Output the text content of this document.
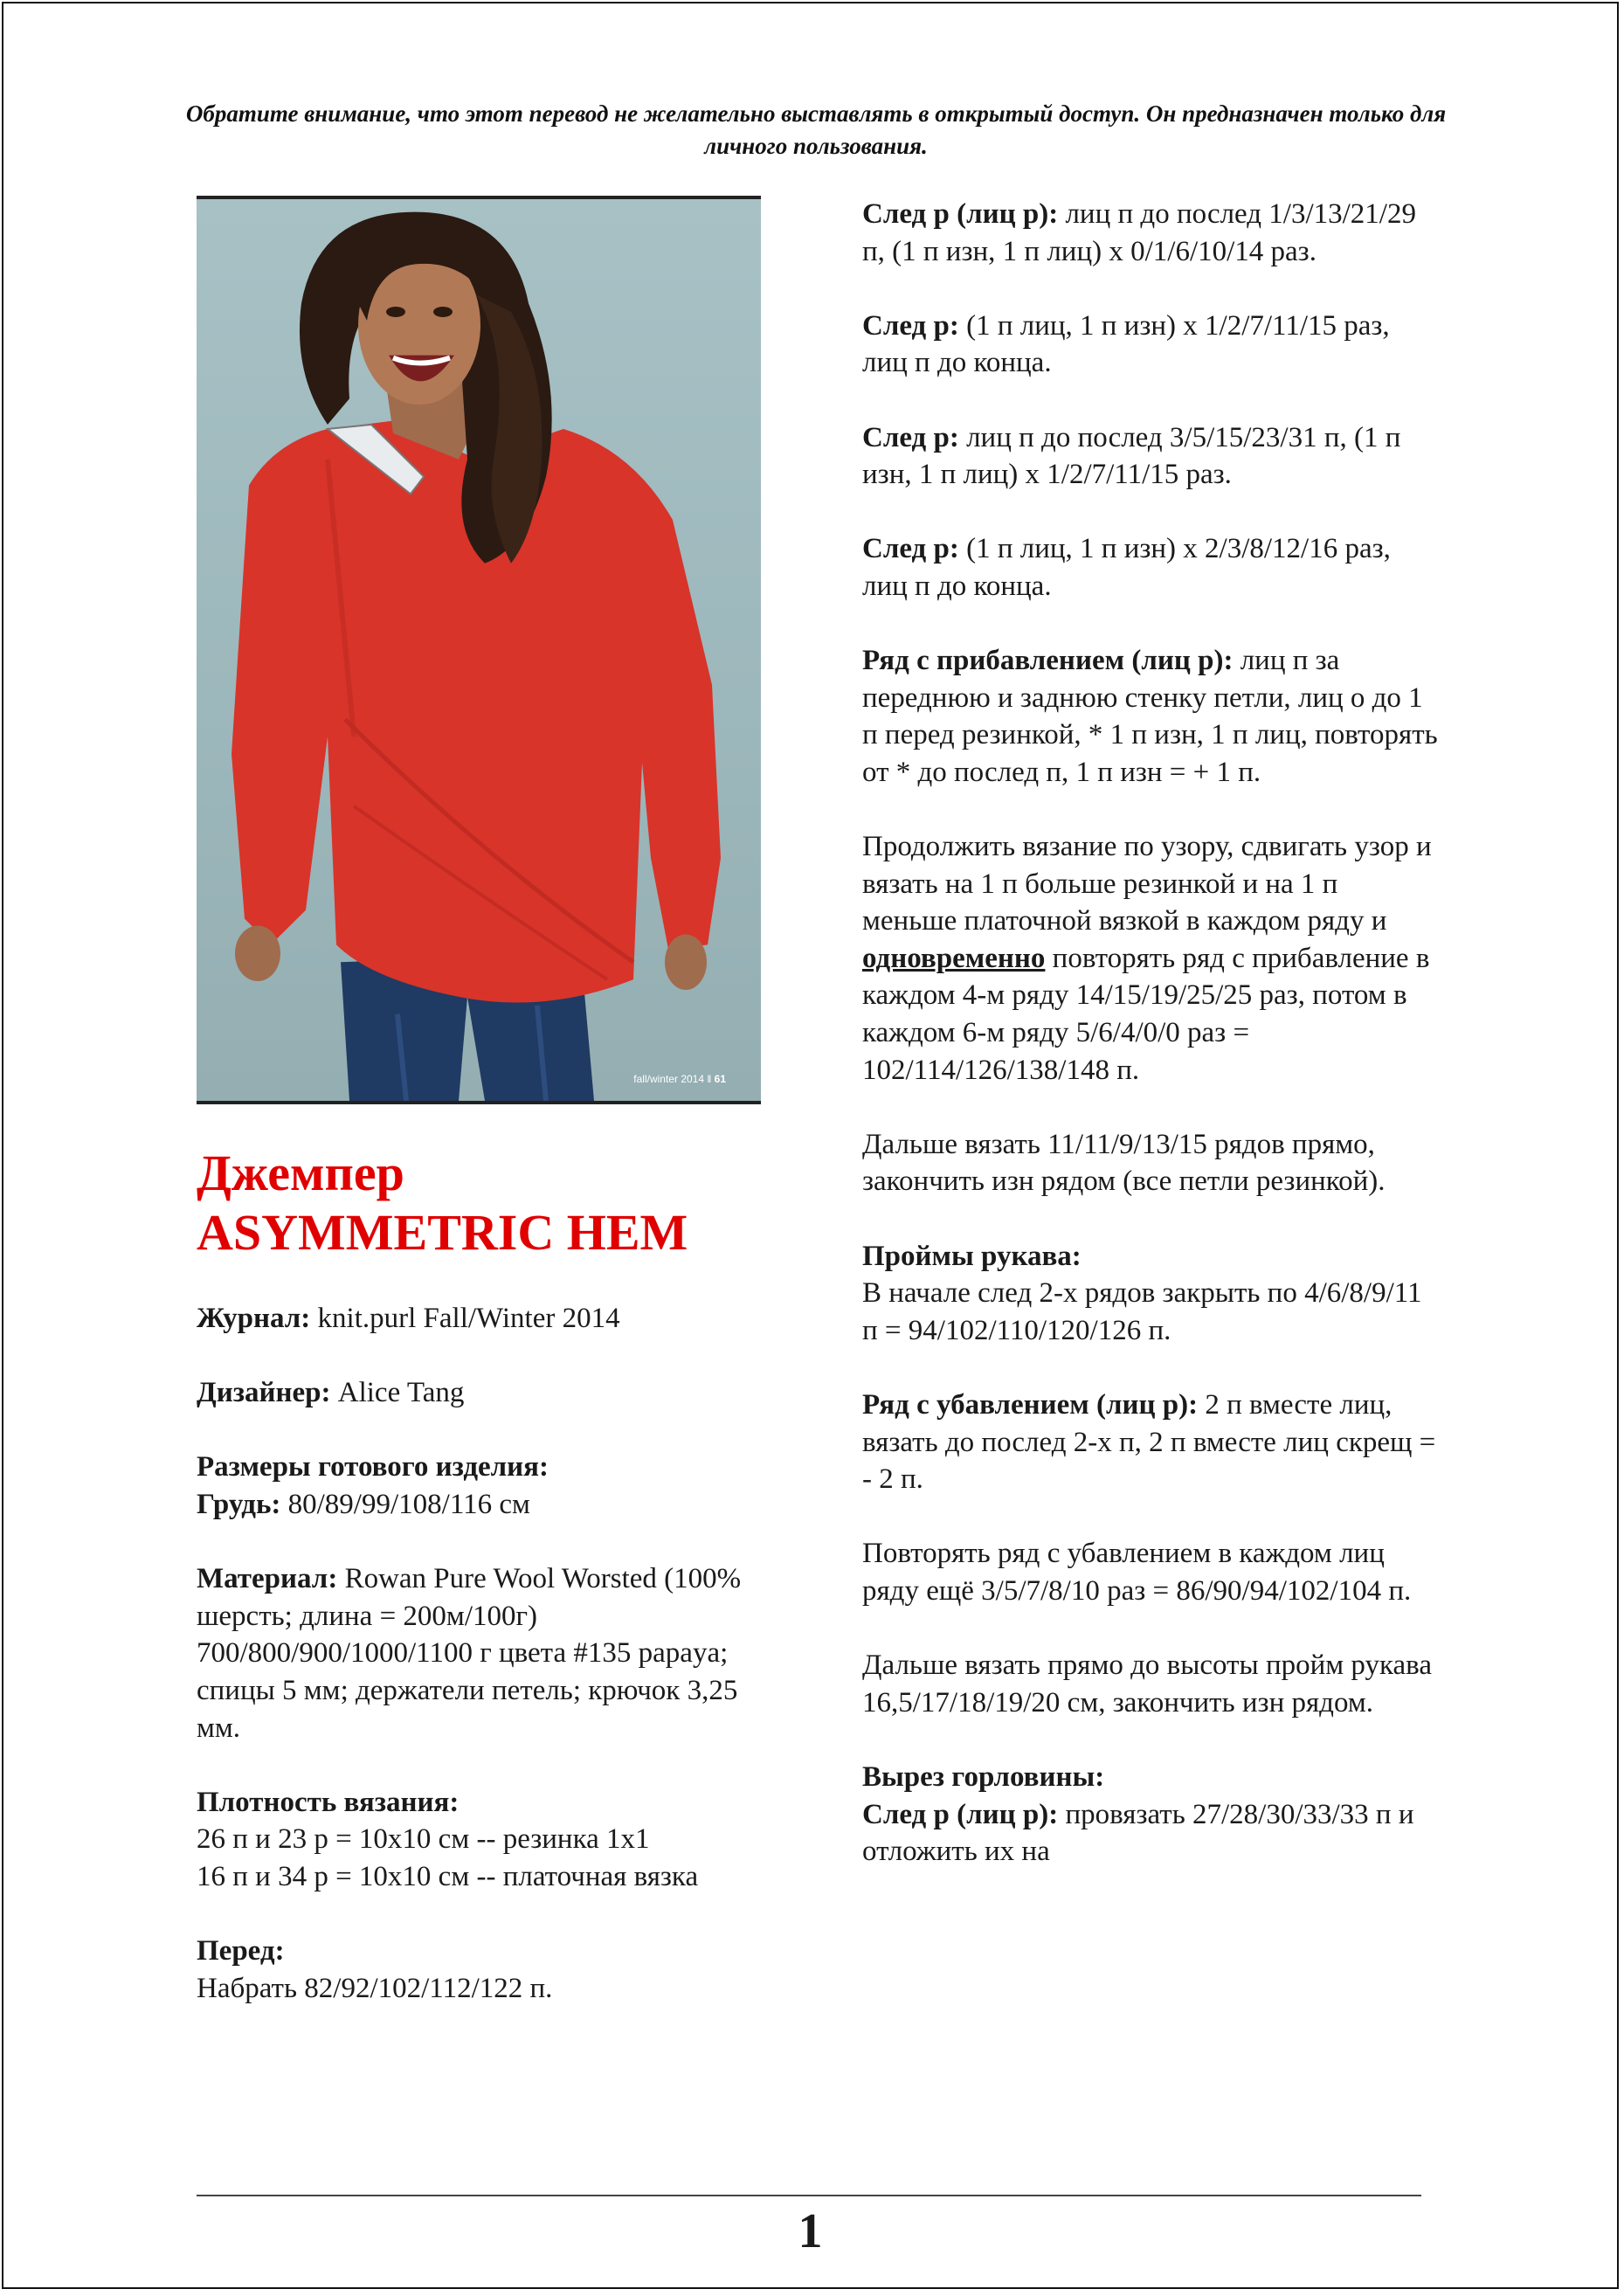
Обратите внимание, что этот перевод не желательно выставлять в открытый доступ. Он предназначен только для личного пользования.
fall/winter 2014 ‖ 61
Джемпер
ASYMMETRIC HEM
Журнал: knit.purl Fall/Winter 2014
Дизайнер: Alice Tang
Размеры готового изделия:
Грудь: 80/89/99/108/116 см
Материал: Rowan Pure Wool Worsted (100% шерсть; длина = 200м/100г) 700/800/900/1000/1100 г цвета #135 papaya; спицы 5 мм; держатели петель; крючок 3,25 мм.
Плотность вязания:
26 п и 23 р = 10x10 см -- резинка 1x1
16 п и 34 р = 10x10 см -- платочная вязка
Перед:
Набрать 82/92/102/112/122 п.
След р (лиц р): лиц п до послед 1/3/13/21/29 п, (1 п изн, 1 п лиц) х 0/1/6/10/14 раз.
След р: (1 п лиц, 1 п изн) х 1/2/7/11/15 раз, лиц п до конца.
След р: лиц п до послед 3/5/15/23/31 п, (1 п изн, 1 п лиц) х 1/2/7/11/15 раз.
След р: (1 п лиц, 1 п изн) х 2/3/8/12/16 раз, лиц п до конца.
Ряд с прибавлением (лиц р): лиц п за переднюю и заднюю стенку петли, лиц о до 1 п перед резинкой, * 1 п изн, 1 п лиц, повторять от * до послед п, 1 п изн = + 1 п.
Продолжить вязание по узору, сдвигать узор и вязать на 1 п больше резинкой и на 1 п меньше платочной вязкой в каждом ряду и одновременно повторять ряд с прибавление в каждом 4-м ряду 14/15/19/25/25 раз, потом в каждом 6-м ряду 5/6/4/0/0 раз = 102/114/126/138/148 п.
Дальше вязать 11/11/9/13/15 рядов прямо, закончить изн рядом (все петли резинкой).
Проймы рукава:
В начале след 2-х рядов закрыть по 4/6/8/9/11 п = 94/102/110/120/126 п.
Ряд с убавлением (лиц р): 2 п вместе лиц, вязать до послед 2-х п, 2 п вместе лиц скрещ = - 2 п.
Повторять ряд с убавлением в каждом лиц ряду ещё 3/5/7/8/10 раз = 86/90/94/102/104 п.
Дальше вязать прямо до высоты пройм рукава 16,5/17/18/19/20 см, закончить изн рядом.
Вырез горловины:
След р (лиц р): провязать 27/28/30/33/33 п и отложить их на
1
